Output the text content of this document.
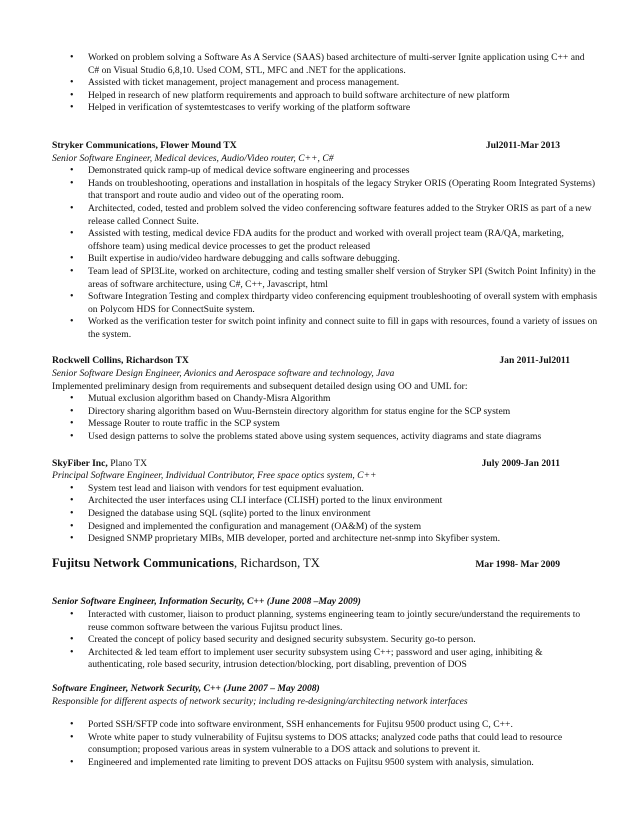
• Worked on problem solving a Software As A Service (SAAS) based architecture of multi-server Ignite application using C++ and C# on Visual Studio 6,8,10. Used COM, STL, MFC and .NET for the applications.
• Assisted with ticket management, project management and process management.
• Helped in research of new platform requirements and approach to build software architecture of new platform
• Helped in verification of systemtestcases to verify working of the platform software
Stryker Communications, Flower Mound TX	Jul2011-Mar 2013
Senior Software Engineer, Medical devices, Audio/Video router, C++, C#
• Demonstrated quick ramp-up of medical device software engineering and processes
• Hands on troubleshooting, operations and installation in hospitals of the legacy Stryker ORIS (Operating Room Integrated Systems) that transport and route audio and video out of the operating room.
• Architected, coded, tested and problem solved the video conferencing software features added to the Stryker ORIS as part of a new release called Connect Suite.
• Assisted with testing, medical device FDA audits for the product and worked with overall project team (RA/QA, marketing, offshore team) using medical device processes to get the product released
• Built expertise in audio/video hardware debugging and calls software debugging.
• Team lead of SPI3Lite, worked on architecture, coding and testing smaller shelf version of Stryker SPI (Switch Point Infinity) in the areas of software architecture, using C#, C++, Javascript, html
• Software Integration Testing and complex thirdparty video conferencing equipment troubleshooting of overall system with emphasis on Polycom HDS for ConnectSuite system.
• Worked as the verification tester for switch point infinity and connect suite to fill in gaps with resources, found a variety of issues on the system.
Rockwell Collins, Richardson TX	Jan 2011-Jul2011
Senior Software Design Engineer, Avionics and Aerospace software and technology, Java
Implemented preliminary design from requirements and subsequent detailed design using OO and UML for:
• Mutual exclusion algorithm based on Chandy-Misra Algorithm
• Directory sharing algorithm based on Wuu-Bernstein directory algorithm for status engine for the SCP system
• Message Router to route traffic in the SCP system
• Used design patterns to solve the problems stated above using system sequences, activity diagrams and state diagrams
SkyFiber Inc, Plano TX	July 2009-Jan 2011
Principal Software Engineer, Individual Contributor, Free space optics system, C++
• System test lead and liaison with vendors for test equipment evaluation.
• Architected the user interfaces using CLI interface (CLISH) ported to the linux environment
• Designed the database using SQL (sqlite) ported to the linux environment
• Designed and implemented the configuration and management (OA&M) of the system
• Designed SNMP proprietary MIBs, MIB developer, ported and architecture net-snmp into Skyfiber system.
Fujitsu Network Communications, Richardson, TX	Mar 1998- Mar 2009
Senior Software Engineer, Information Security, C++ (June 2008 –May 2009)
• Interacted with customer, liaison to product planning, systems engineering team to jointly secure/understand the requirements to reuse common software between the various Fujitsu product lines.
• Created the concept of policy based security and designed security subsystem. Security go-to person.
• Architected & led team effort to implement user security subsystem using C++; password and user aging, inhibiting & authenticating, role based security, intrusion detection/blocking, port disabling, prevention of DOS
Software Engineer, Network Security, C++ (June 2007 – May 2008)
Responsible for different aspects of network security; including re-designing/architecting network interfaces
• Ported SSH/SFTP code into software environment, SSH enhancements for Fujitsu 9500 product using C, C++.
• Wrote white paper to study vulnerability of Fujitsu systems to DOS attacks; analyzed code paths that could lead to resource consumption; proposed various areas in system vulnerable to a DOS attack and solutions to prevent it.
• Engineered and implemented rate limiting to prevent DOS attacks on Fujitsu 9500 system with analysis, simulation.
